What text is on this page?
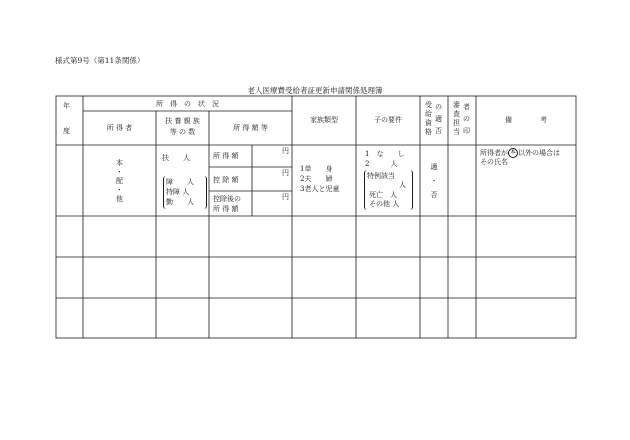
様式第9号（第11条関係）
老人医療費受給者証更新申請関係処理簿
年
度
所　得　の　状　況
所 得 者
扶 養 親 族
等 の 数	所 得 額 等
家族類型	子の要件
受
給
資
格
の
適
否
審
査
担
当
者
の
印
備　　　　考
本
・
配
・
他
扶　　人
障　　人
特障 人
勤　　人
所 得 額
円
控 除 額
円
控除後の
所 得 額
円
1単　　身
2夫　　婦
3老人と児童
1　な　　し
2　　　人
特例該当
人
死亡　人
その他 人
適
・
否
所得者が 本 以外の場合は
その氏名
